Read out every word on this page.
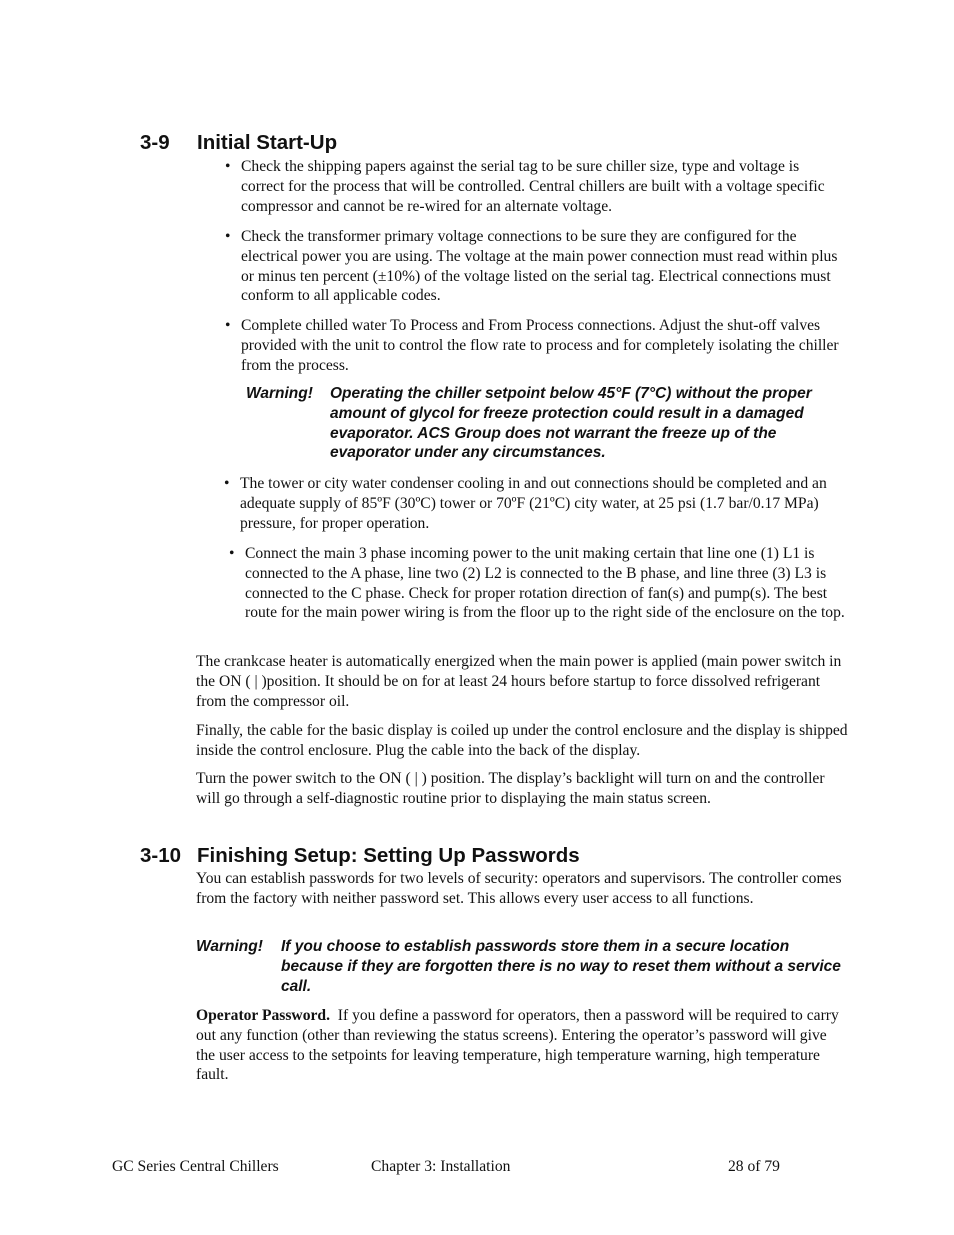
3-9 Initial Start-Up
• Check the shipping papers against the serial tag to be sure chiller size, type and voltage is correct for the process that will be controlled. Central chillers are built with a voltage specific compressor and cannot be re-wired for an alternate voltage.
• Check the transformer primary voltage connections to be sure they are configured for the electrical power you are using. The voltage at the main power connection must read within plus or minus ten percent (±10%) of the voltage listed on the serial tag. Electrical connections must conform to all applicable codes.
• Complete chilled water To Process and From Process connections. Adjust the shut-off valves provided with the unit to control the flow rate to process and for completely isolating the chiller from the process.
Warning! Operating the chiller setpoint below 45°F (7°C) without the proper amount of glycol for freeze protection could result in a damaged evaporator. ACS Group does not warrant the freeze up of the evaporator under any circumstances.
• The tower or city water condenser cooling in and out connections should be completed and an adequate supply of 85ºF (30ºC) tower or 70ºF (21ºC) city water, at 25 psi (1.7 bar/0.17 MPa) pressure, for proper operation.
• Connect the main 3 phase incoming power to the unit making certain that line one (1) L1 is connected to the A phase, line two (2) L2 is connected to the B phase, and line three (3) L3 is connected to the C phase. Check for proper rotation direction of fan(s) and pump(s). The best route for the main power wiring is from the floor up to the right side of the enclosure on the top.
The crankcase heater is automatically energized when the main power is applied (main power switch in the ON ( | )position. It should be on for at least 24 hours before startup to force dissolved refrigerant from the compressor oil.
Finally, the cable for the basic display is coiled up under the control enclosure and the display is shipped inside the control enclosure. Plug the cable into the back of the display.
Turn the power switch to the ON ( | ) position. The display’s backlight will turn on and the controller will go through a self-diagnostic routine prior to displaying the main status screen.
3-10 Finishing Setup: Setting Up Passwords
You can establish passwords for two levels of security: operators and supervisors. The controller comes from the factory with neither password set. This allows every user access to all functions.
Warning! If you choose to establish passwords store them in a secure location because if they are forgotten there is no way to reset them without a service call.
Operator Password. If you define a password for operators, then a password will be required to carry out any function (other than reviewing the status screens). Entering the operator’s password will give the user access to the setpoints for leaving temperature, high temperature warning, high temperature fault.
GC Series Central Chillers	Chapter 3: Installation	28 of 79
